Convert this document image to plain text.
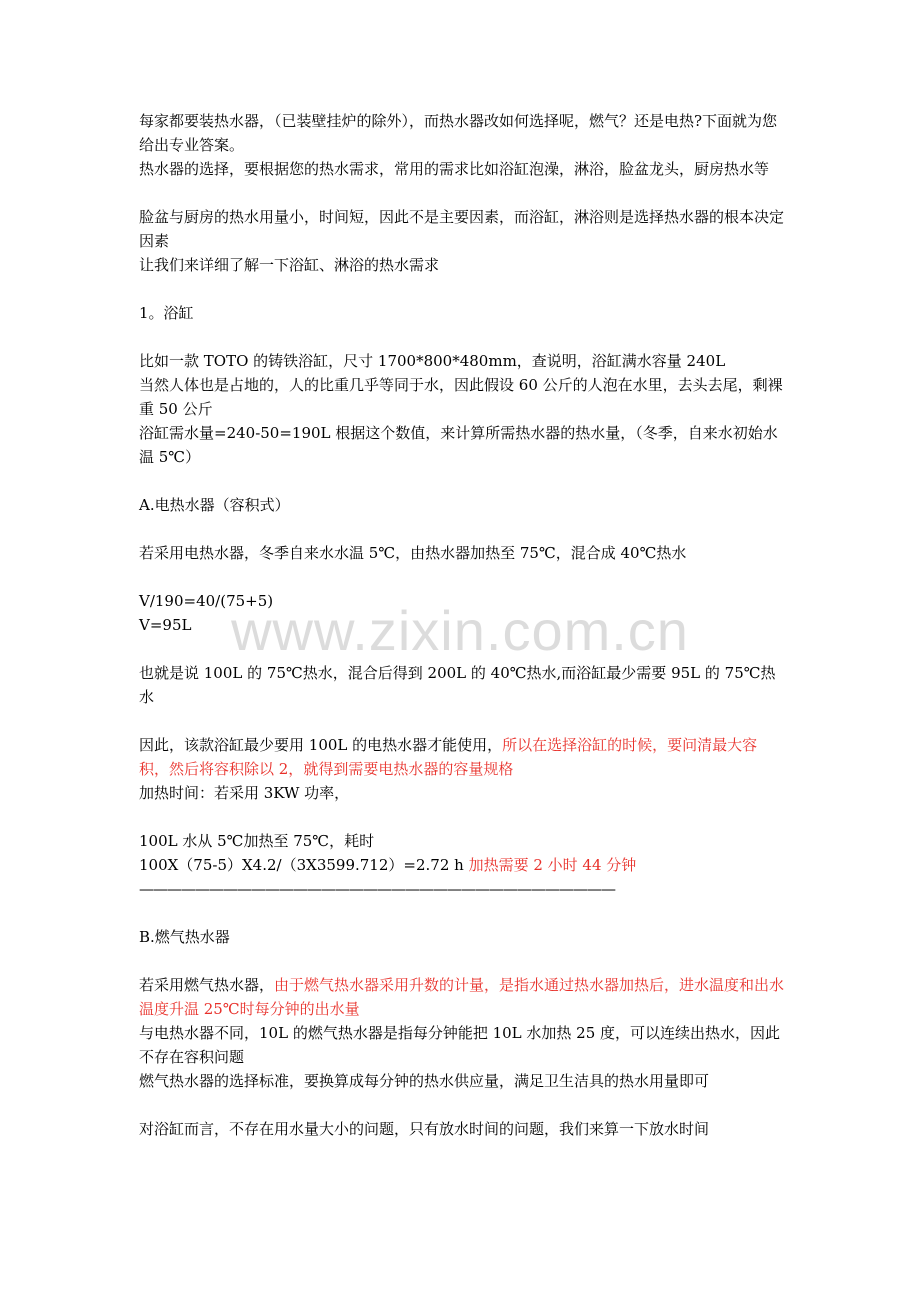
每家都要装热水器，（已装壁挂炉的除外），而热水器改如何选择呢，燃气？还是电热?下面就为您给出专业答案。

热水器的选择，要根据您的热水需求，常用的需求比如浴缸泡澡，淋浴，脸盆龙头，厨房热水等

脸盆与厨房的热水用量小，时间短，因此不是主要因素，而浴缸，淋浴则是选择热水器的根本决定因素

让我们来详细了解一下浴缸、淋浴的热水需求

1。浴缸

比如一款 TOTO 的铸铁浴缸，尺寸 1700*800*480mm，查说明，浴缸满水容量 240L

当然人体也是占地的，人的比重几乎等同于水，因此假设 60 公斤的人泡在水里，去头去尾，剩裸重 50 公斤

浴缸需水量=240-50=190L 根据这个数值，来计算所需热水器的热水量，（冬季，自来水初始水温 5℃）

A.电热水器（容积式）

若采用电热水器，冬季自来水水温 5℃，由热水器加热至 75℃，混合成 40℃热水

V/190=40/(75+5)

V=95L

也就是说 100L 的 75℃热水，混合后得到 200L 的 40℃热水,而浴缸最少需要 95L 的 75℃热水

因此，该款浴缸最少要用 100L 的电热水器才能使用，所以在选择浴缸的时候，要问清最大容积，然后将容积除以 2，就得到需要电热水器的容量规格

加热时间：若采用 3KW 功率，

100L 水从 5℃加热至 75℃，耗时

100X（75-5）X4.2/（3X3599.712）=2.72 h 加热需要 2 小时 44 分钟

——————————————————————————————————

B.燃气热水器

若采用燃气热水器，由于燃气热水器采用升数的计量，是指水通过热水器加热后，进水温度和出水温度升温 25℃时每分钟的出水量

与电热水器不同，10L 的燃气热水器是指每分钟能把 10L 水加热 25 度，可以连续出热水，因此不存在容积问题

燃气热水器的选择标准，要换算成每分钟的热水供应量，满足卫生洁具的热水用量即可

对浴缸而言，不存在用水量大小的问题，只有放水时间的问题，我们来算一下放水时间

www.zixin.com.cn
